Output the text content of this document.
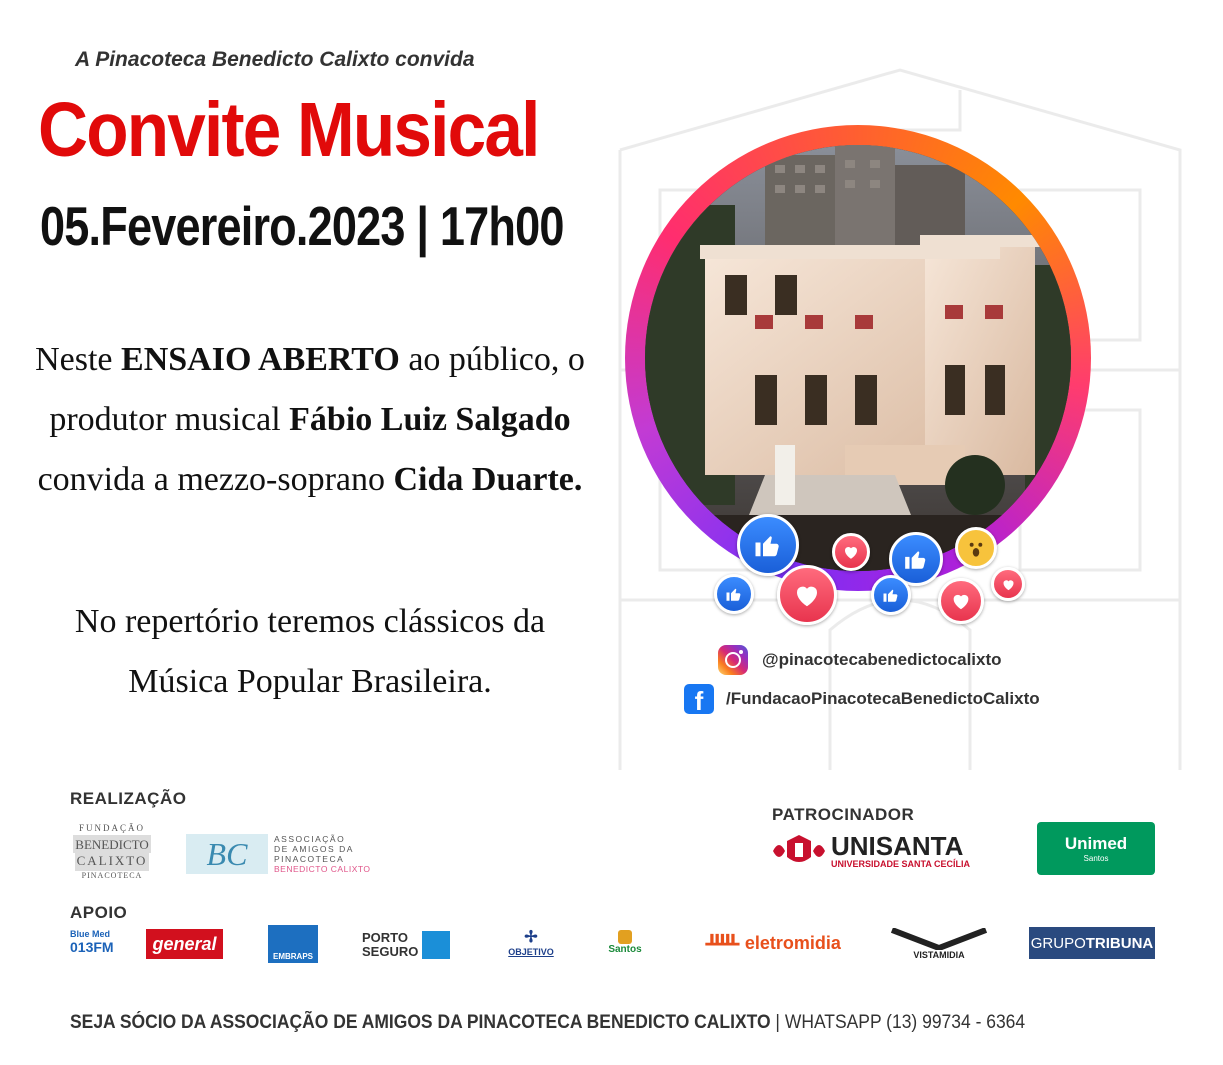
A Pinacoteca Benedicto Calixto convida
Convite Musical
05.Fevereiro.2023 | 17h00
Neste ENSAIO ABERTO ao público, o produtor musical Fábio Luiz Salgado convida a mezzo-soprano Cida Duarte.
No repertório teremos clássicos da Música Popular Brasileira.
@pinacotecabenedictocalixto
f	/FundacaoPinacotecaBenedictoCalixto
REALIZAÇÃO
APOIO
PATROCINADOR
FUNDAÇÃO
BENEDICTO
CALIXTO
PINACOTECA
BC	ASSOCIAÇÃO
DE AMIGOS DA
PINACOTECA
BENEDICTO CALIXTO
UNISANTA
UNIVERSIDADE SANTA CECÍLIA
Unimed
Santos
Blue Med
013FM	general
EMBRAPS
PORTO
SEGURO
✢
OBJETIVO	Santos	ᚊ eletromidia
VISTAMIDIA
GRUPO TRIBUNA
SEJA SÓCIO DA ASSOCIAÇÃO DE AMIGOS DA PINACOTECA BENEDICTO CALIXTO | WHATSAPP (13) 99734 - 6364
